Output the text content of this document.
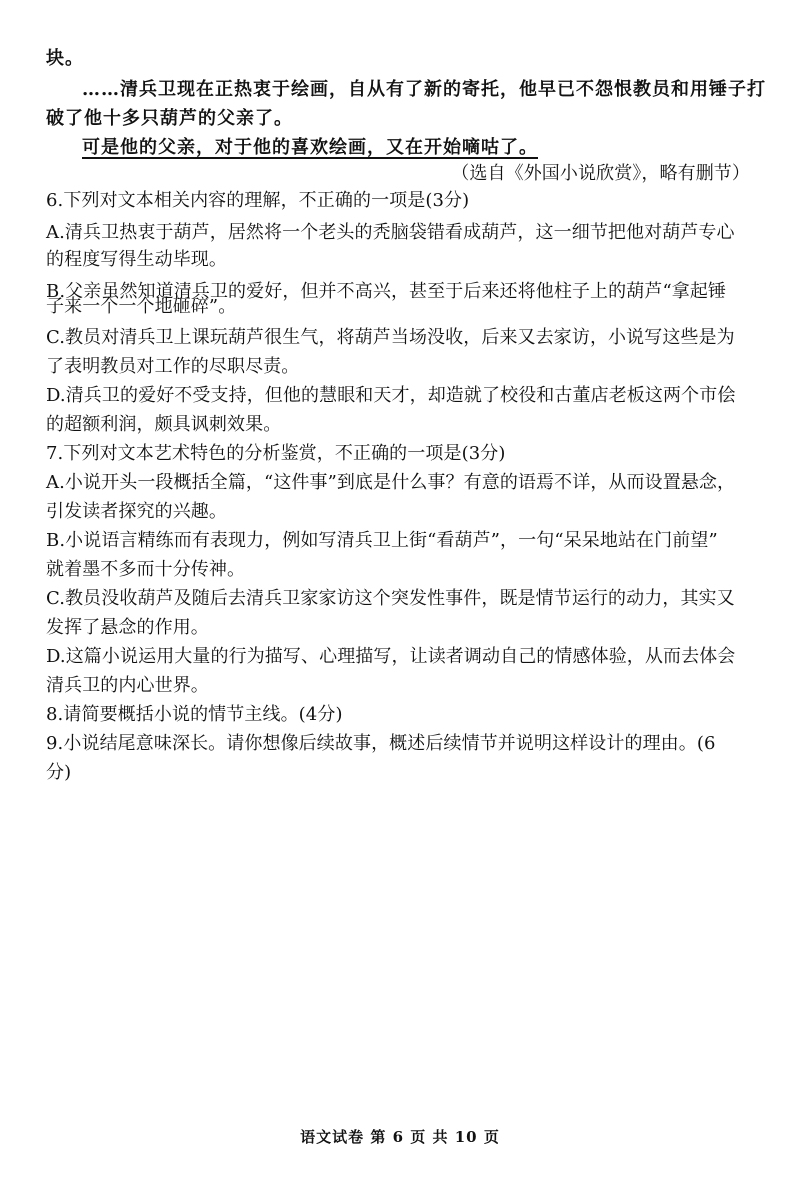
块。
……清兵卫现在正热衷于绘画，自从有了新的寄托，他早已不怨恨教员和用锤子打
破了他十多只葫芦的父亲了。
可是他的父亲，对于他的喜欢绘画，又在开始嘀咕了。
（选自《外国小说欣赏》，略有删节）
6.下列对文本相关内容的理解，不正确的一项是(3分)
A.清兵卫热衷于葫芦，居然将一个老头的秃脑袋错看成葫芦，这一细节把他对葫芦专心
的程度写得生动毕现。
B.父亲虽然知道清兵卫的爱好，但并不高兴，甚至于后来还将他柱子上的葫芦“拿起锤
子来一个一个地砸碎”。
C.教员对清兵卫上课玩葫芦很生气，将葫芦当场没收，后来又去家访，小说写这些是为
了表明教员对工作的尽职尽责。
D.清兵卫的爱好不受支持，但他的慧眼和天才，却造就了校役和古董店老板这两个市侩
的超额利润，颇具讽刺效果。
7.下列对文本艺术特色的分析鉴赏，不正确的一项是(3分)
A.小说开头一段概括全篇，“这件事”到底是什么事？有意的语焉不详，从而设置悬念，
引发读者探究的兴趣。
B.小说语言精练而有表现力，例如写清兵卫上街“看葫芦”，一句“呆呆地站在门前望”
就着墨不多而十分传神。
C.教员没收葫芦及随后去清兵卫家家访这个突发性事件，既是情节运行的动力，其实又
发挥了悬念的作用。
D.这篇小说运用大量的行为描写、心理描写，让读者调动自己的情感体验，从而去体会
清兵卫的内心世界。
8.请简要概括小说的情节主线。(4分)
9.小说结尾意味深长。请你想像后续故事，概述后续情节并说明这样设计的理由。(6
分)
语文试卷 第 6 页 共 10 页
